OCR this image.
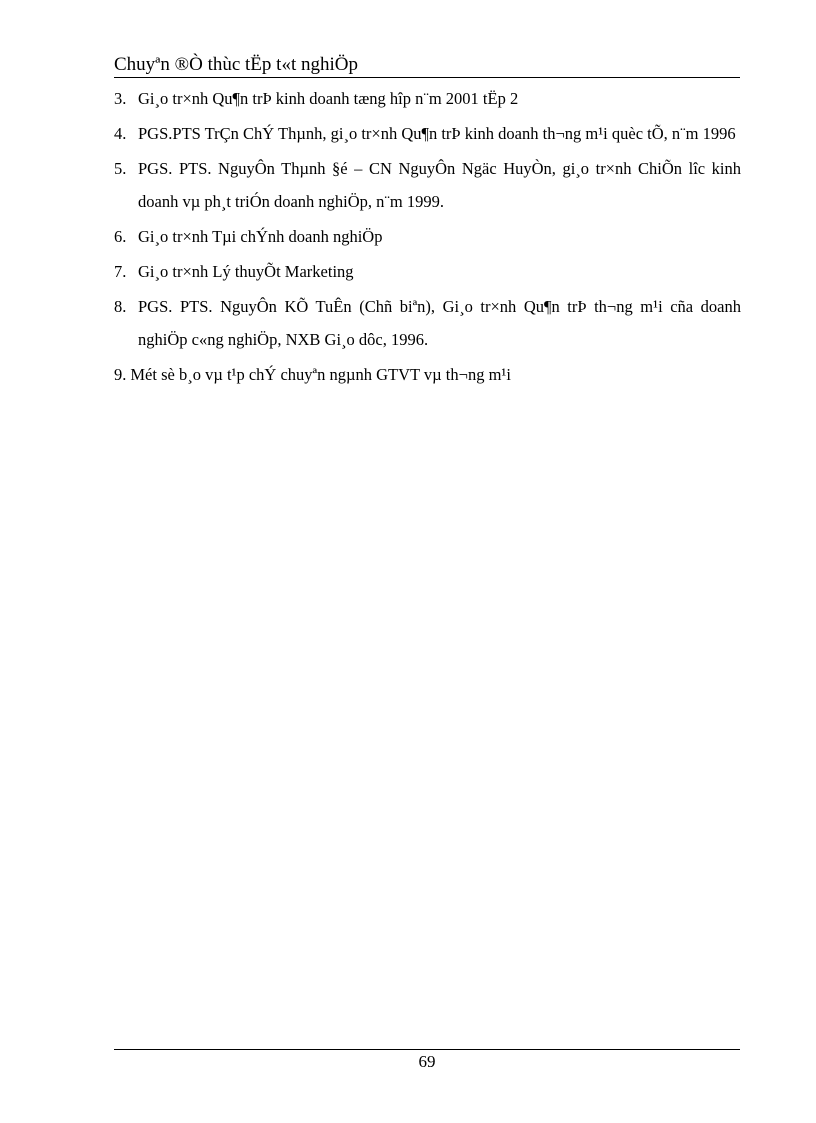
Chuyªn ®Ò thùc tËp t«t nghiÖp
3. Gi¸o tr×nh Qu¶n trÞ kinh doanh tæng hîp n¨m 2001 tËp 2
4. PGS.PTS TrÇn ChÝ Thµnh, gi¸o tr×nh Qu¶n trÞ kinh doanh th¬ng m¹i quèc tÕ, n¨m 1996
5. PGS. PTS. NguyÔn Thµnh §é – CN NguyÔn Ngäc HuyÒn, gi¸o tr×nh ChiÕn lîc kinh doanh vµ ph¸t triÓn doanh nghiÖp, n¨m 1999.
6. Gi¸o tr×nh Tµi chÝnh doanh nghiÖp
7. Gi¸o tr×nh Lý thuyÕt Marketing
8. PGS. PTS. NguyÔn KÕ TuÊn (Chñ biªn), Gi¸o tr×nh Qu¶n trÞ th¬ng m¹i cña doanh nghiÖp c«ng nghiÖp, NXB Gi¸o dôc, 1996.
9. Mét sè b¸o vµ t¹p chÝ chuyªn ngµnh GTVT vµ th¬ng m¹i
69
